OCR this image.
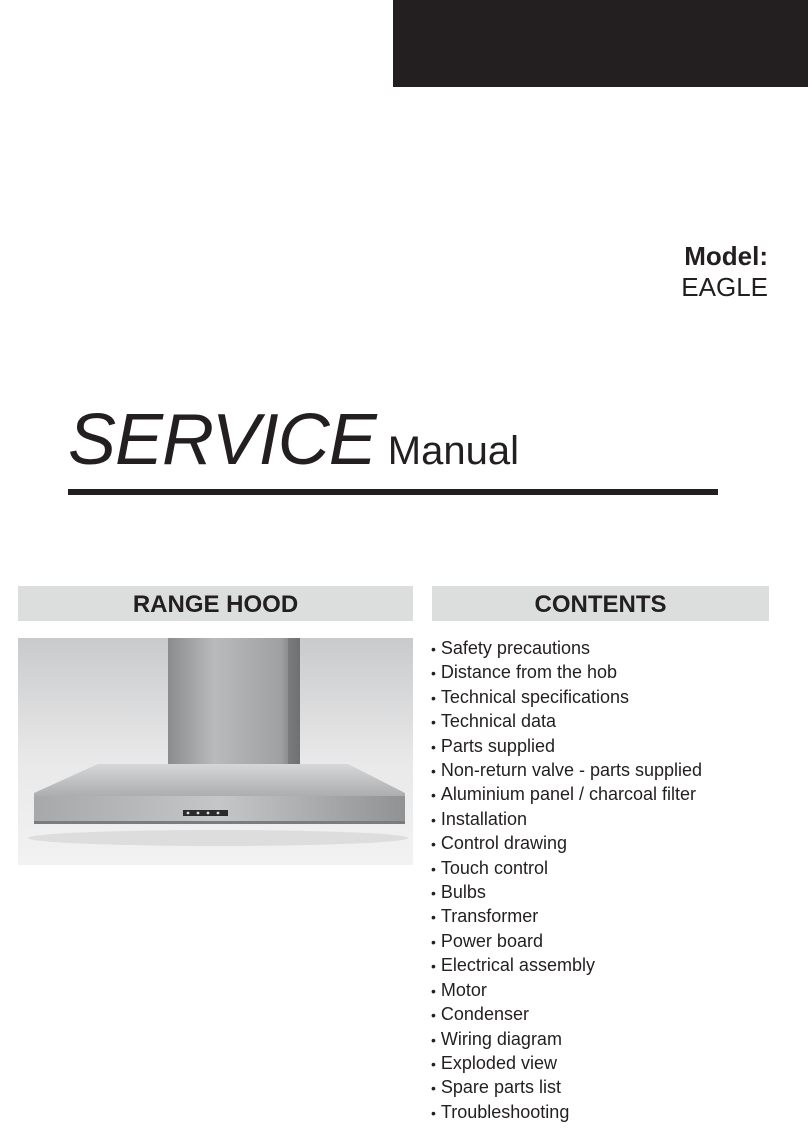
Model:
EAGLE
SERVICE Manual
RANGE HOOD	CONTENTS
• Safety precautions
• Distance from the hob
• Technical specifications
• Technical data
• Parts supplied
• Non-return valve - parts supplied
• Aluminium panel / charcoal filter
• Installation
• Control drawing
• Touch control
• Bulbs
• Transformer
• Power board
• Electrical assembly
• Motor
• Condenser
• Wiring diagram
• Exploded view
• Spare parts list
• Troubleshooting
